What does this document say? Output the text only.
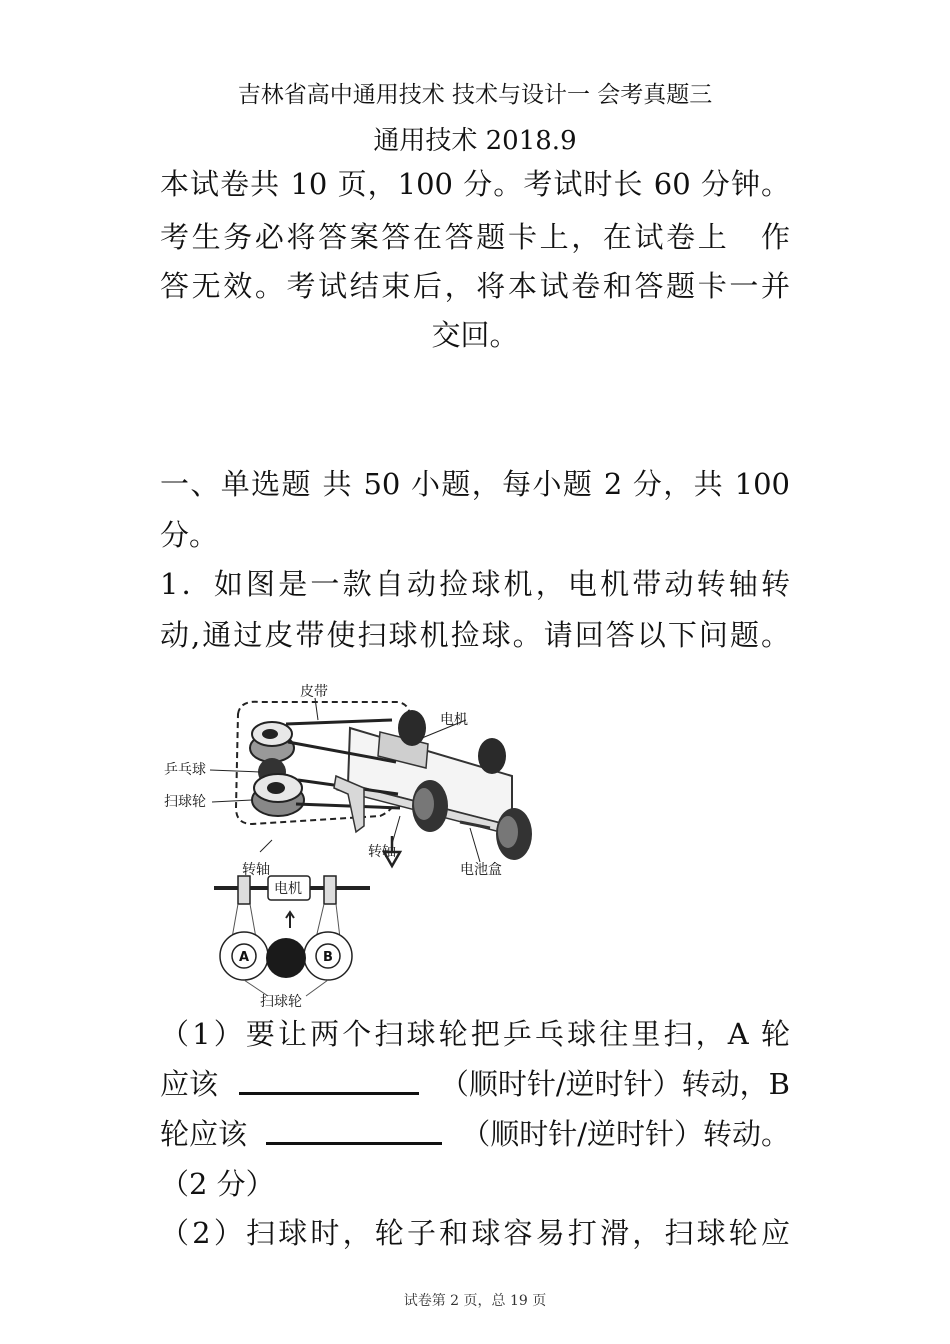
吉林省高中通用技术 技术与设计一 会考真题三
通用技术 2018.9
本试卷共 10 页，100 分。考试时长 60 分钟。
考生务必将答案答在答题卡上，在试卷上　作
答无效。考试结束后，将本试卷和答题卡一并
交回。
一、单选题 共 50 小题，每小题 2 分，共 100
分。
1．如图是一款自动捡球机，电机带动转轴转
动,通过皮带使扫球机捡球。请回答以下问题。
皮带
电机
乒乓球
扫球轮
转轴
电池盒
转轴
电机
A	B
扫球轮
（1）要让两个扫球轮把乒乓球往里扫，A 轮
应该	（顺时针/逆时针）转动，B
轮应该	（顺时针/逆时针）转动。
（2 分）
（2）扫球时，轮子和球容易打滑，扫球轮应
试卷第 2 页，总 19 页
